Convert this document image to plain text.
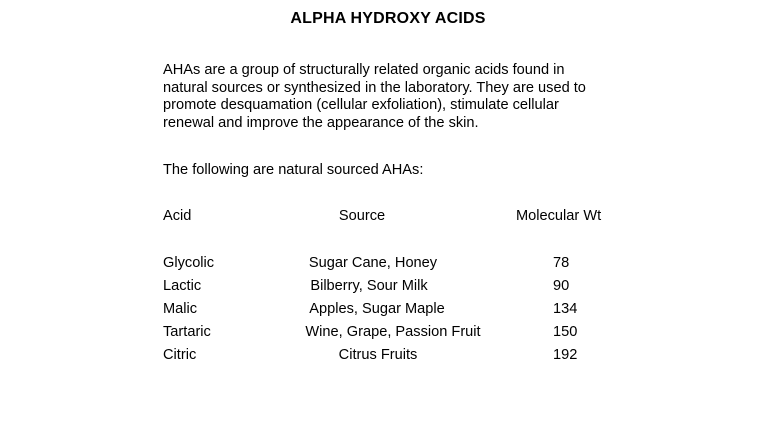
ALPHA HYDROXY ACIDS
AHAs are a group of structurally related organic acids found in
natural sources or synthesized in the laboratory. They are used to
promote desquamation (cellular exfoliation), stimulate cellular
renewal and improve the appearance of the skin.
The following are natural sourced AHAs:
Acid	Source	Molecular Wt
Glycolic	Sugar Cane, Honey	78
Lactic	Bilberry, Sour Milk	90
Malic	Apples, Sugar Maple	134
Tartaric	Wine, Grape, Passion Fruit	150
Citric	Citrus Fruits	192
